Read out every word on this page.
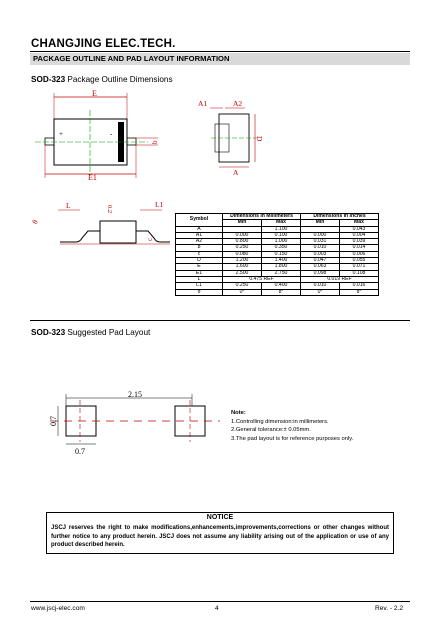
CHANGJING ELEC.TECH.
PACKAGE OUTLINE AND PAD LAYOUT INFORMATION
SOD-323 Package Outline Dimensions
E
+	-
b
E1
A1	A2
A
D
θ
L	0.2
L1
c
Symbol	Dimensions In Millimeters		Dimensions In Inches	
	Min	Max	Min	Max
A		1.100		0.043
A1	0.000	0.100	0.000	0.004
A2	0.800	1.000	0.031	0.039
b	0.250	0.350	0.010	0.014
c	0.080	0.150	0.003	0.006
D	1.200	1.400	0.047	0.055
E	1.600	1.800	0.063	0.071
E1	2.500	2.750	0.098	0.108
L	0.475 REF		0.019 REF	
L1	0.250	0.400	0.010	0.016
θ	0°	8°	0°	8°
SOD-323 Suggested Pad Layout
2.15
0.7
0.7
Note:
1.Controlling dimension:in millimeters.
2.General tolerance:± 0.05mm.
3.The pad layout is for reference purposes only.
NOTICE
JSCJ reserves the right to make modifications,enhancements,improvements,corrections or other changes without further notice to any product herein. JSCJ does not assume any liability arising out of the application or use of any product described herein.
www.jscj-elec.com	4	Rev. - 2.2
